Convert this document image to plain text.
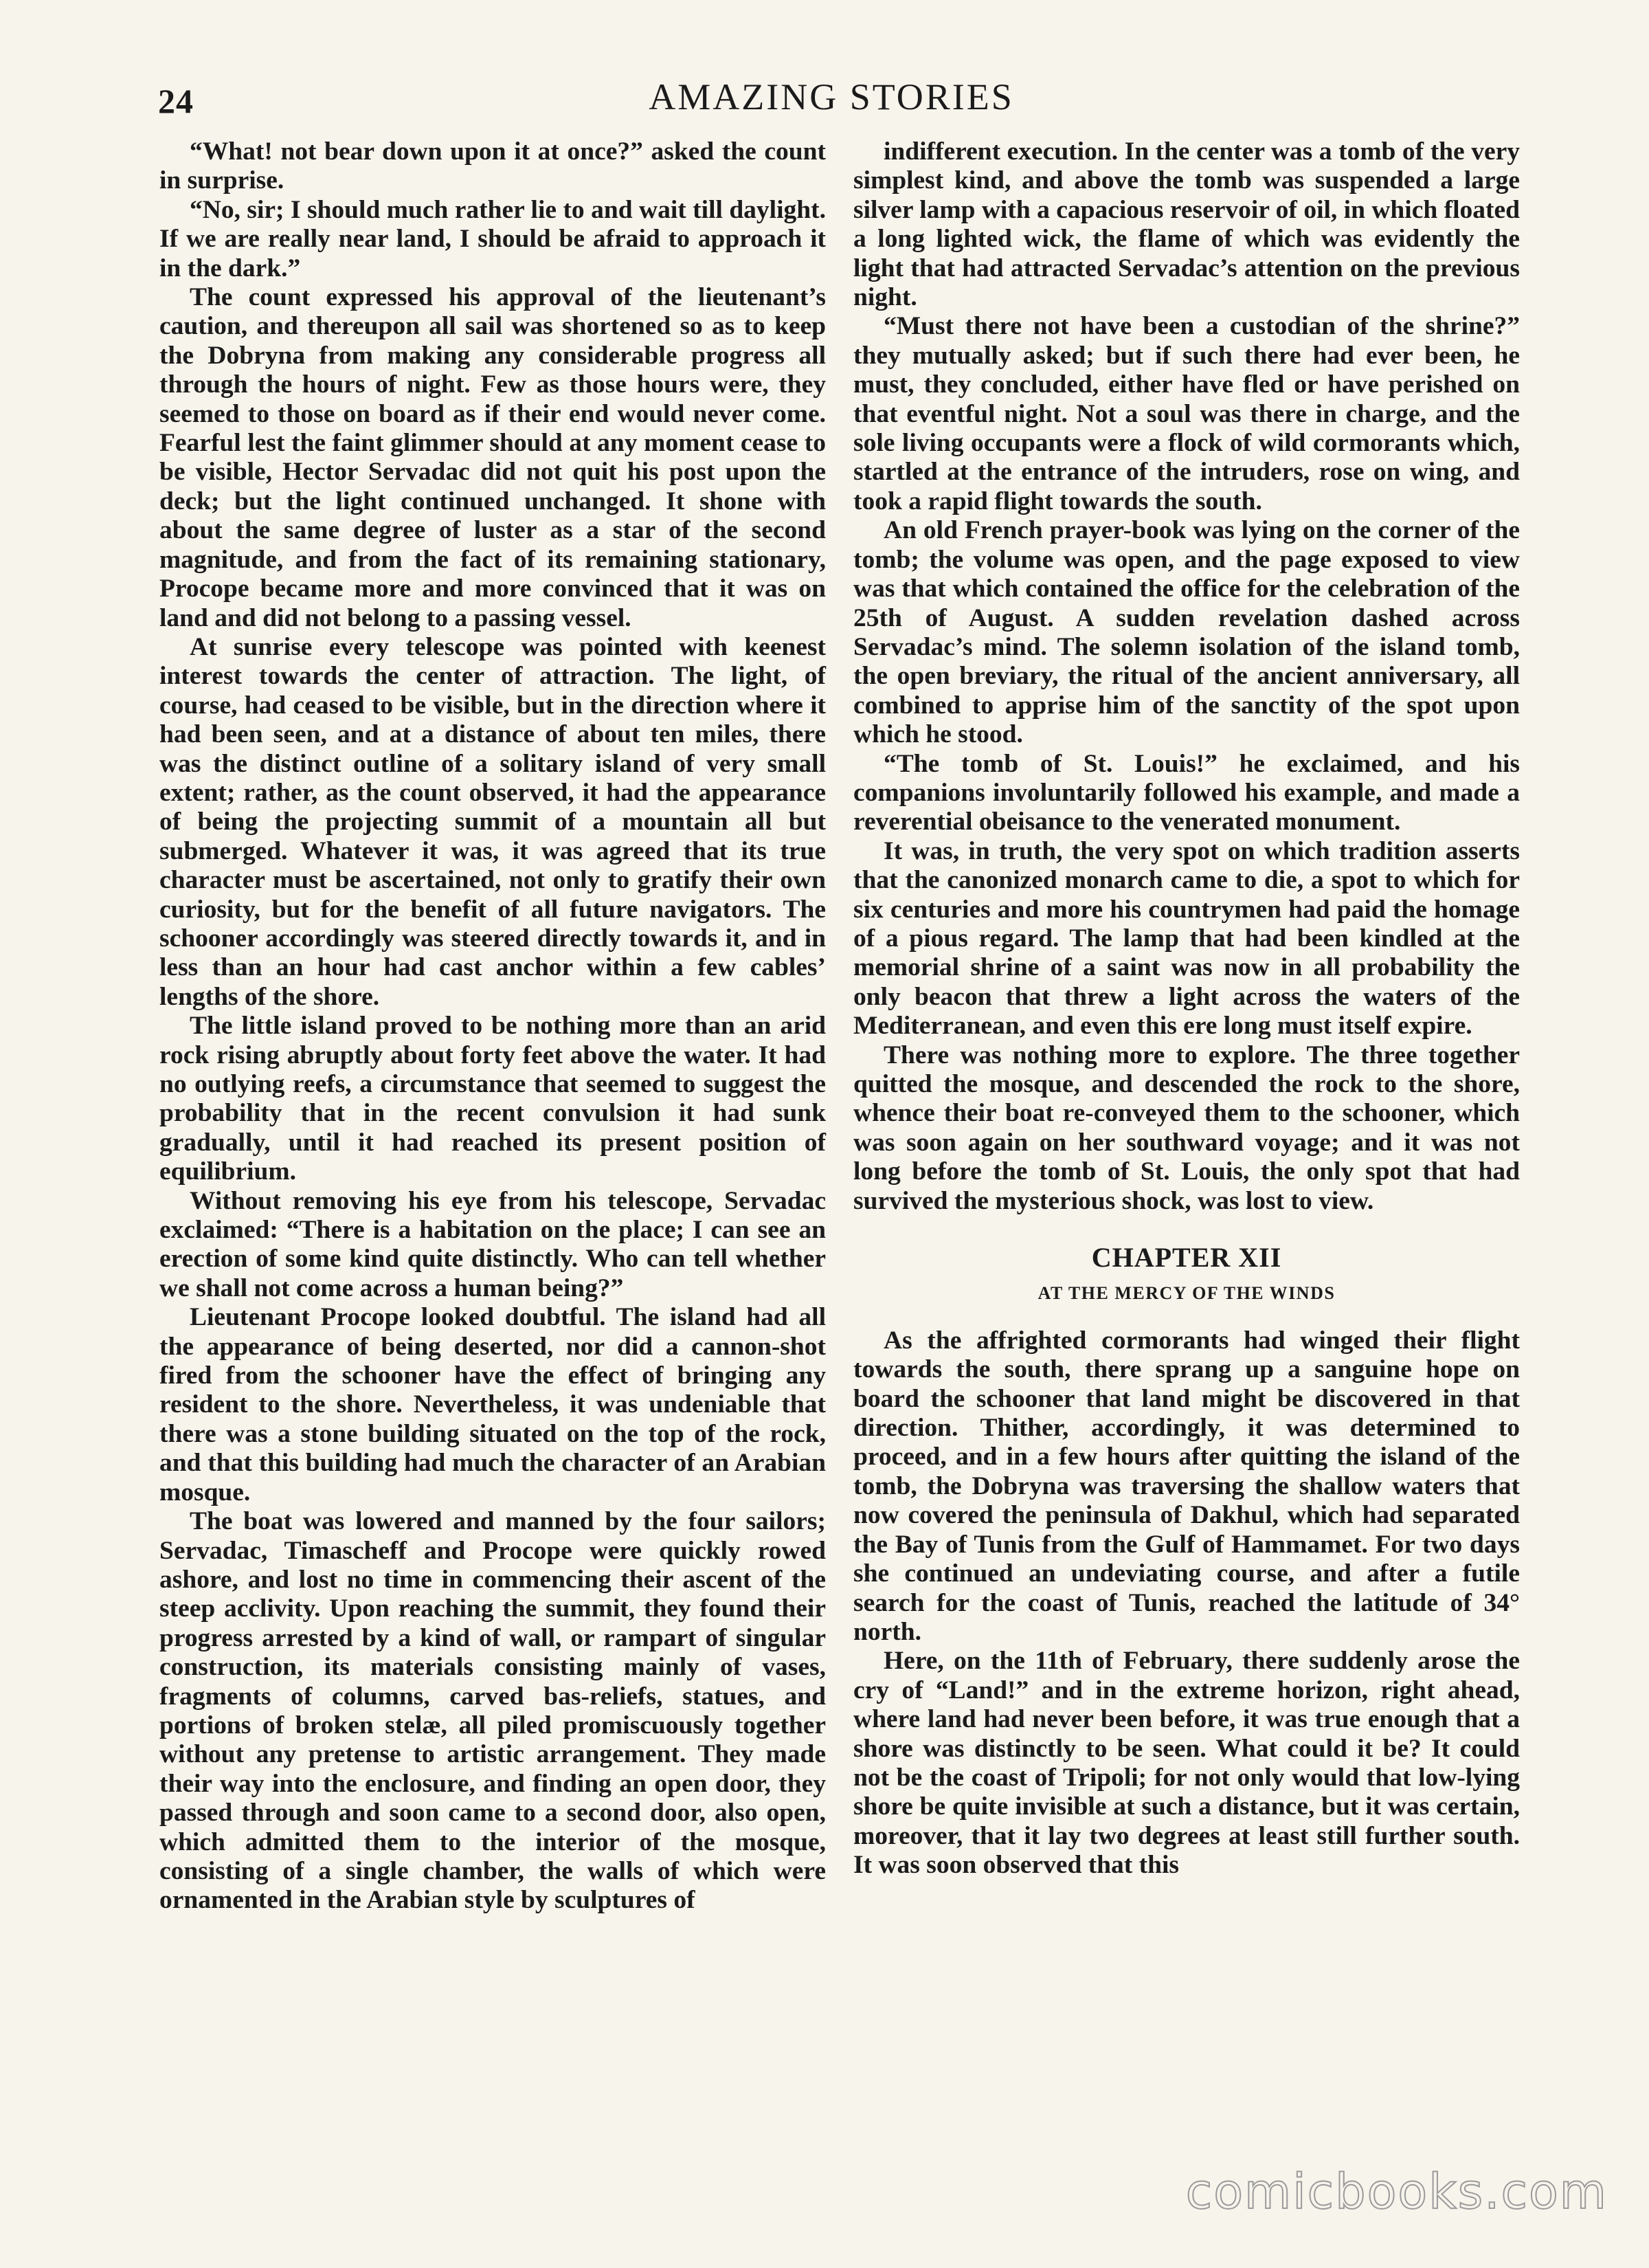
24	AMAZING STORIES

“What! not bear down upon it at once?” asked the count in surprise.

“No, sir; I should much rather lie to and wait till daylight. If we are really near land, I should be afraid to approach it in the dark.”

The count expressed his approval of the lieutenant’s caution, and thereupon all sail was shortened so as to keep the Dobryna from making any considerable progress all through the hours of night. Few as those hours were, they seemed to those on board as if their end would never come. Fearful lest the faint glimmer should at any moment cease to be visible, Hector Servadac did not quit his post upon the deck; but the light continued unchanged. It shone with about the same degree of luster as a star of the second magnitude, and from the fact of its remaining stationary, Procope became more and more convinced that it was on land and did not belong to a passing vessel.

At sunrise every telescope was pointed with keenest interest towards the center of attraction. The light, of course, had ceased to be visible, but in the direction where it had been seen, and at a distance of about ten miles, there was the distinct outline of a solitary island of very small extent; rather, as the count observed, it had the appearance of being the projecting summit of a mountain all but submerged. Whatever it was, it was agreed that its true character must be ascertained, not only to gratify their own curiosity, but for the benefit of all future navigators. The schooner accordingly was steered directly towards it, and in less than an hour had cast anchor within a few cables’ lengths of the shore.

The little island proved to be nothing more than an arid rock rising abruptly about forty feet above the water. It had no outlying reefs, a circumstance that seemed to suggest the probability that in the recent convulsion it had sunk gradually, until it had reached its present position of equilibrium.

Without removing his eye from his telescope, Servadac exclaimed: “There is a habitation on the place; I can see an erection of some kind quite distinctly. Who can tell whether we shall not come across a human being?”

Lieutenant Procope looked doubtful. The island had all the appearance of being deserted, nor did a cannon-shot fired from the schooner have the effect of bringing any resident to the shore. Nevertheless, it was undeniable that there was a stone building situated on the top of the rock, and that this building had much the character of an Arabian mosque.

The boat was lowered and manned by the four sailors; Servadac, Timascheff and Procope were quickly rowed ashore, and lost no time in commencing their ascent of the steep acclivity. Upon reaching the summit, they found their progress arrested by a kind of wall, or rampart of singular construction, its materials consisting mainly of vases, fragments of columns, carved bas-reliefs, statues, and portions of broken stelæ, all piled promiscuously together without any pretense to artistic arrangement. They made their way into the enclosure, and finding an open door, they passed through and soon came to a second door, also open, which admitted them to the interior of the mosque, consisting of a single chamber, the walls of which were ornamented in the Arabian style by sculptures of

indifferent execution. In the center was a tomb of the very simplest kind, and above the tomb was suspended a large silver lamp with a capacious reservoir of oil, in which floated a long lighted wick, the flame of which was evidently the light that had attracted Servadac’s attention on the previous night.

“Must there not have been a custodian of the shrine?” they mutually asked; but if such there had ever been, he must, they concluded, either have fled or have perished on that eventful night. Not a soul was there in charge, and the sole living occupants were a flock of wild cormorants which, startled at the entrance of the intruders, rose on wing, and took a rapid flight towards the south.

An old French prayer-book was lying on the corner of the tomb; the volume was open, and the page exposed to view was that which contained the office for the celebration of the 25th of August. A sudden revelation dashed across Servadac’s mind. The solemn isolation of the island tomb, the open breviary, the ritual of the ancient anniversary, all combined to apprise him of the sanctity of the spot upon which he stood.

“The tomb of St. Louis!” he exclaimed, and his companions involuntarily followed his example, and made a reverential obeisance to the venerated monument.

It was, in truth, the very spot on which tradition asserts that the canonized monarch came to die, a spot to which for six centuries and more his countrymen had paid the homage of a pious regard. The lamp that had been kindled at the memorial shrine of a saint was now in all probability the only beacon that threw a light across the waters of the Mediterranean, and even this ere long must itself expire.

There was nothing more to explore. The three together quitted the mosque, and descended the rock to the shore, whence their boat re-conveyed them to the schooner, which was soon again on her southward voyage; and it was not long before the tomb of St. Louis, the only spot that had survived the mysterious shock, was lost to view.

CHAPTER XII
AT THE MERCY OF THE WINDS

As the affrighted cormorants had winged their flight towards the south, there sprang up a sanguine hope on board the schooner that land might be discovered in that direction. Thither, accordingly, it was determined to proceed, and in a few hours after quitting the island of the tomb, the Dobryna was traversing the shallow waters that now covered the peninsula of Dakhul, which had separated the Bay of Tunis from the Gulf of Hammamet. For two days she continued an undeviating course, and after a futile search for the coast of Tunis, reached the latitude of 34° north.

Here, on the 11th of February, there suddenly arose the cry of “Land!” and in the extreme horizon, right ahead, where land had never been before, it was true enough that a shore was distinctly to be seen. What could it be? It could not be the coast of Tripoli; for not only would that low-lying shore be quite invisible at such a distance, but it was certain, moreover, that it lay two degrees at least still further south. It was soon observed that this

comicbooks.com
